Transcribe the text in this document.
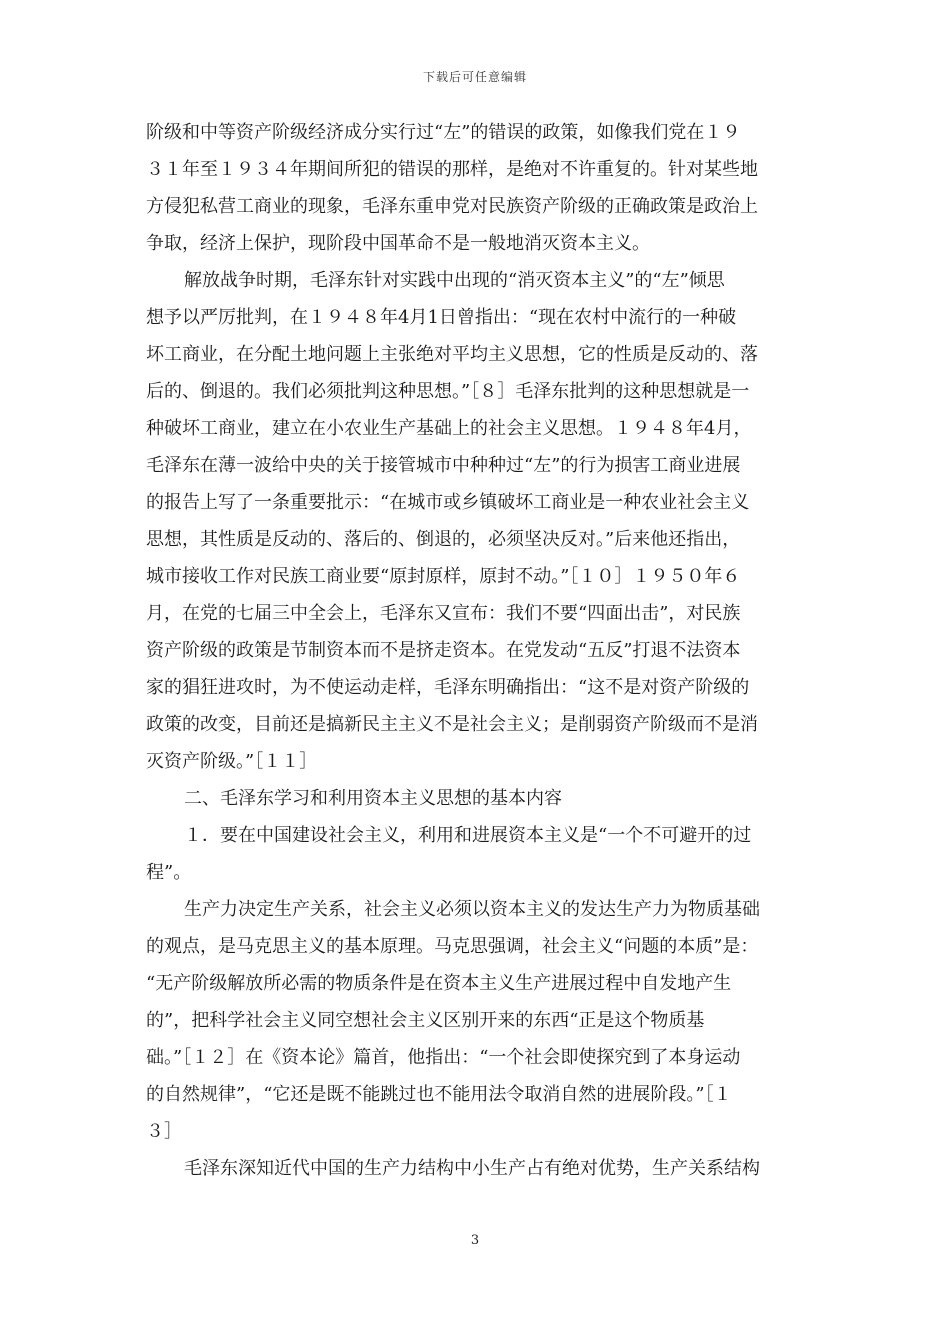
下载后可任意编辑
阶级和中等资产阶级经济成分实行过“左”的错误的政策，如像我们党在１９
３１年至１９３４年期间所犯的错误的那样，是绝对不许重复的。针对某些地
方侵犯私营工商业的现象，毛泽东重申党对民族资产阶级的正确政策是政治上
争取，经济上保护，现阶段中国革命不是一般地消灭资本主义。
解放战争时期，毛泽东针对实践中出现的“消灭资本主义”的“左”倾思
想予以严厉批判，在１９４８年4月1日曾指出：“现在农村中流行的一种破
坏工商业，在分配土地问题上主张绝对平均主义思想，它的性质是反动的、落
后的、倒退的。我们必须批判这种思想。”［８］毛泽东批判的这种思想就是一
种破坏工商业，建立在小农业生产基础上的社会主义思想。１９４８年4月，
毛泽东在薄一波给中央的关于接管城市中种种过“左”的行为损害工商业进展
的报告上写了一条重要批示：“在城市或乡镇破坏工商业是一种农业社会主义
思想，其性质是反动的、落后的、倒退的，必须坚决反对。”后来他还指出，
城市接收工作对民族工商业要“原封原样，原封不动。”［１０］１９５０年６
月，在党的七届三中全会上，毛泽东又宣布：我们不要“四面出击”，对民族
资产阶级的政策是节制资本而不是挤走资本。在党发动“五反”打退不法资本
家的猖狂进攻时，为不使运动走样，毛泽东明确指出：“这不是对资产阶级的
政策的改变，目前还是搞新民主主义不是社会主义；是削弱资产阶级而不是消
灭资产阶级。”［１１］
二、毛泽东学习和利用资本主义思想的基本内容
１．要在中国建设社会主义，利用和进展资本主义是“一个不可避开的过
程”。
生产力决定生产关系，社会主义必须以资本主义的发达生产力为物质基础
的观点，是马克思主义的基本原理。马克思强调，社会主义“问题的本质”是：
“无产阶级解放所必需的物质条件是在资本主义生产进展过程中自发地产生
的”，把科学社会主义同空想社会主义区别开来的东西“正是这个物质基
础。”［１２］在《资本论》篇首，他指出：“一个社会即使探究到了本身运动
的自然规律”，“它还是既不能跳过也不能用法令取消自然的进展阶段。”［１
３］
毛泽东深知近代中国的生产力结构中小生产占有绝对优势，生产关系结构
3
